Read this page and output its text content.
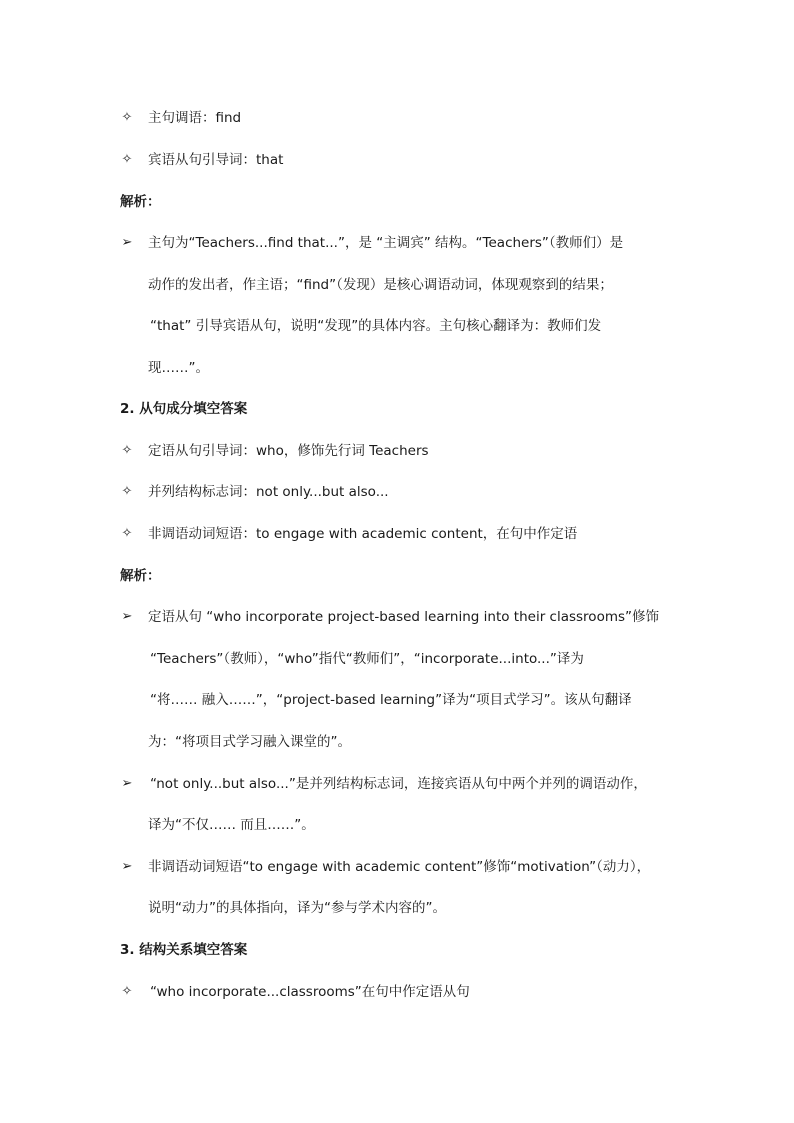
✧ 主句调语：find
✧ 宾语从句引导词：that
解析：
➢ 主句为“Teachers...find that...”，是 “主调宾” 结构。“Teachers”（教师们）是
动作的发出者，作主语；“find”（发现）是核心调语动词，体现观察到的结果；
“that” 引导宾语从句，说明“发现”的具体内容。主句核心翻译为：教师们发
现……”。
2. 从句成分填空答案
✧ 定语从句引导词：who，修饰先行词 Teachers
✧ 并列结构标志词：not only...but also...
✧ 非调语动词短语：to engage with academic content，在句中作定语
解析：
➢ 定语从句 “who incorporate project-based learning into their classrooms”修饰
“Teachers”（教师），“who”指代“教师们”，“incorporate...into...”译为
“将…… 融入……”，“project-based learning”译为“项目式学习”。该从句翻译
为：“将项目式学习融入课堂的”。
➢ “not only...but also...”是并列结构标志词，连接宾语从句中两个并列的调语动作，
译为“不仅…… 而且……”。
➢ 非调语动词短语“to engage with academic content”修饰“motivation”（动力），
说明“动力”的具体指向，译为“参与学术内容的”。
3. 结构关系填空答案
✧ “who incorporate...classrooms”在句中作定语从句
